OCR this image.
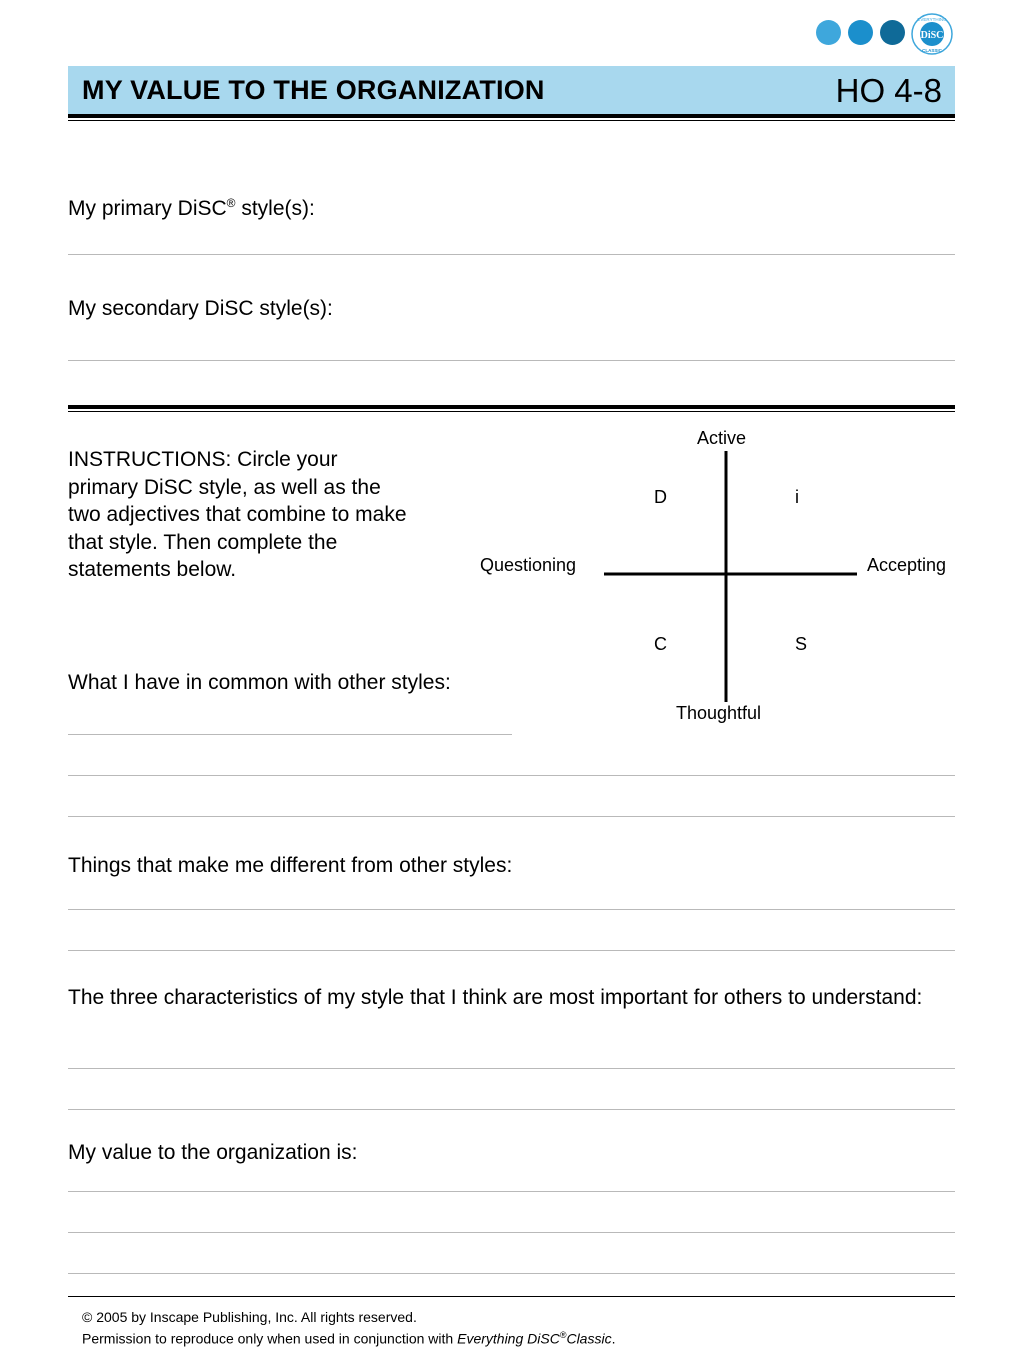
DiSC
EVERYTHING
CLASSIC
MY VALUE TO THE ORGANIZATION	HO 4-8
My primary DiSC® style(s):
My secondary DiSC style(s):
INSTRUCTIONS: Circle your primary DiSC style, as well as the two adjectives that combine to make that style. Then complete the statements below.
Active
Thoughtful
Questioning	Accepting
D	i
C	S
What I have in common with other styles:
Things that make me different from other styles:
The three characteristics of my style that I think are most important for others to understand:
My value to the organization is:
© 2005 by Inscape Publishing, Inc. All rights reserved.
Permission to reproduce only when used in conjunction with Everything DiSC®Classic.
